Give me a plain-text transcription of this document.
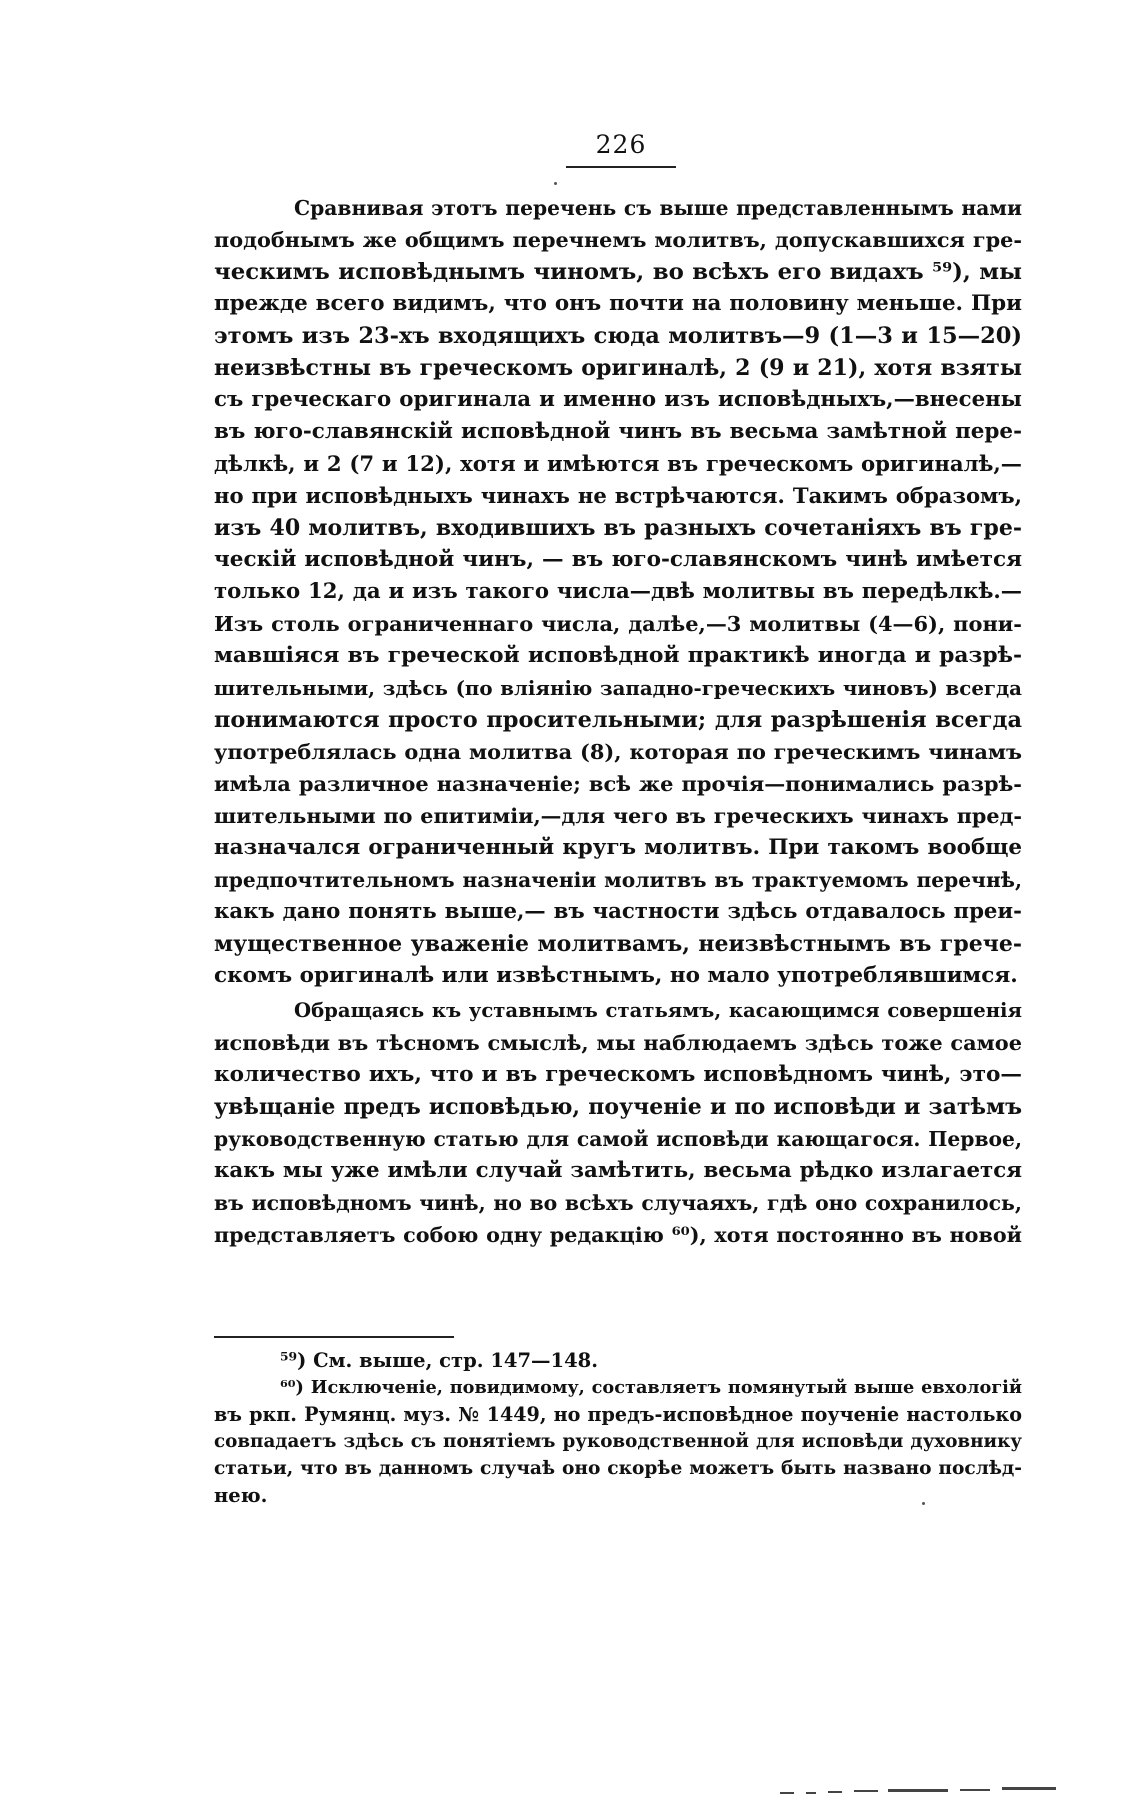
226
Сравнивая этотъ перечень съ выше представленнымъ нами
подобнымъ же общимъ перечнемъ молитвъ, допускавшихся гре-
ческимъ исповѣднымъ чиномъ, во всѣхъ его видахъ ⁵⁹), мы
прежде всего видимъ, что онъ почти на половину меньше. При
этомъ изъ 23-хъ входящихъ сюда молитвъ—9 (1—3 и 15—20)
неизвѣстны въ греческомъ оригиналѣ, 2 (9 и 21), хотя взяты
съ греческаго оригинала и именно изъ исповѣдныхъ,—внесены
въ юго-славянскій исповѣдной чинъ въ весьма замѣтной пере-
дѣлкѣ, и 2 (7 и 12), хотя и имѣются въ греческомъ оригиналѣ,—
но при исповѣдныхъ чинахъ не встрѣчаются. Такимъ образомъ,
изъ 40 молитвъ, входившихъ въ разныхъ сочетаніяхъ въ гре-
ческій исповѣдной чинъ, — въ юго-славянскомъ чинѣ имѣется
только 12, да и изъ такого числа—двѣ молитвы въ передѣлкѣ.—
Изъ столь ограниченнаго числа, далѣе,—3 молитвы (4—6), пони-
мавшіяся въ греческой исповѣдной практикѣ иногда и разрѣ-
шительными, здѣсь (по вліянію западно-греческихъ чиновъ) всегда
понимаются просто просительными; для разрѣшенія всегда
употреблялась одна молитва (8), которая по греческимъ чинамъ
имѣла различное назначеніе; всѣ же прочія—понимались разрѣ-
шительными по епитиміи,—для чего въ греческихъ чинахъ пред-
назначался ограниченный кругъ молитвъ. При такомъ вообще
предпочтительномъ назначеніи молитвъ въ трактуемомъ перечнѣ,
какъ дано понять выше,— въ частности здѣсь отдавалось преи-
мущественное уваженіе молитвамъ, неизвѣстнымъ въ грече-
скомъ оригиналѣ или извѣстнымъ, но мало употреблявшимся.
Обращаясь къ уставнымъ статьямъ, касающимся совершенія
исповѣди въ тѣсномъ смыслѣ, мы наблюдаемъ здѣсь тоже самое
количество ихъ, что и въ греческомъ исповѣдномъ чинѣ, это—
увѣщаніе предъ исповѣдью, поученіе и по исповѣди и затѣмъ
руководственную статью для самой исповѣди кающагося. Первое,
какъ мы уже имѣли случай замѣтить, весьма рѣдко излагается
въ исповѣдномъ чинѣ, но во всѣхъ случаяхъ, гдѣ оно сохранилось,
представляетъ собою одну редакцію ⁶⁰), хотя постоянно въ новой
⁵⁹) См. выше, стр. 147—148.
⁶⁰) Исключеніе, повидимому, составляетъ помянутый выше евхологій
въ ркп. Румянц. муз. № 1449, но предъ-исповѣдное поученіе настолько
совпадаетъ здѣсь съ понятіемъ руководственной для исповѣди духовнику
статьи, что въ данномъ случаѣ оно скорѣе можетъ быть названо послѣд-
нею.
